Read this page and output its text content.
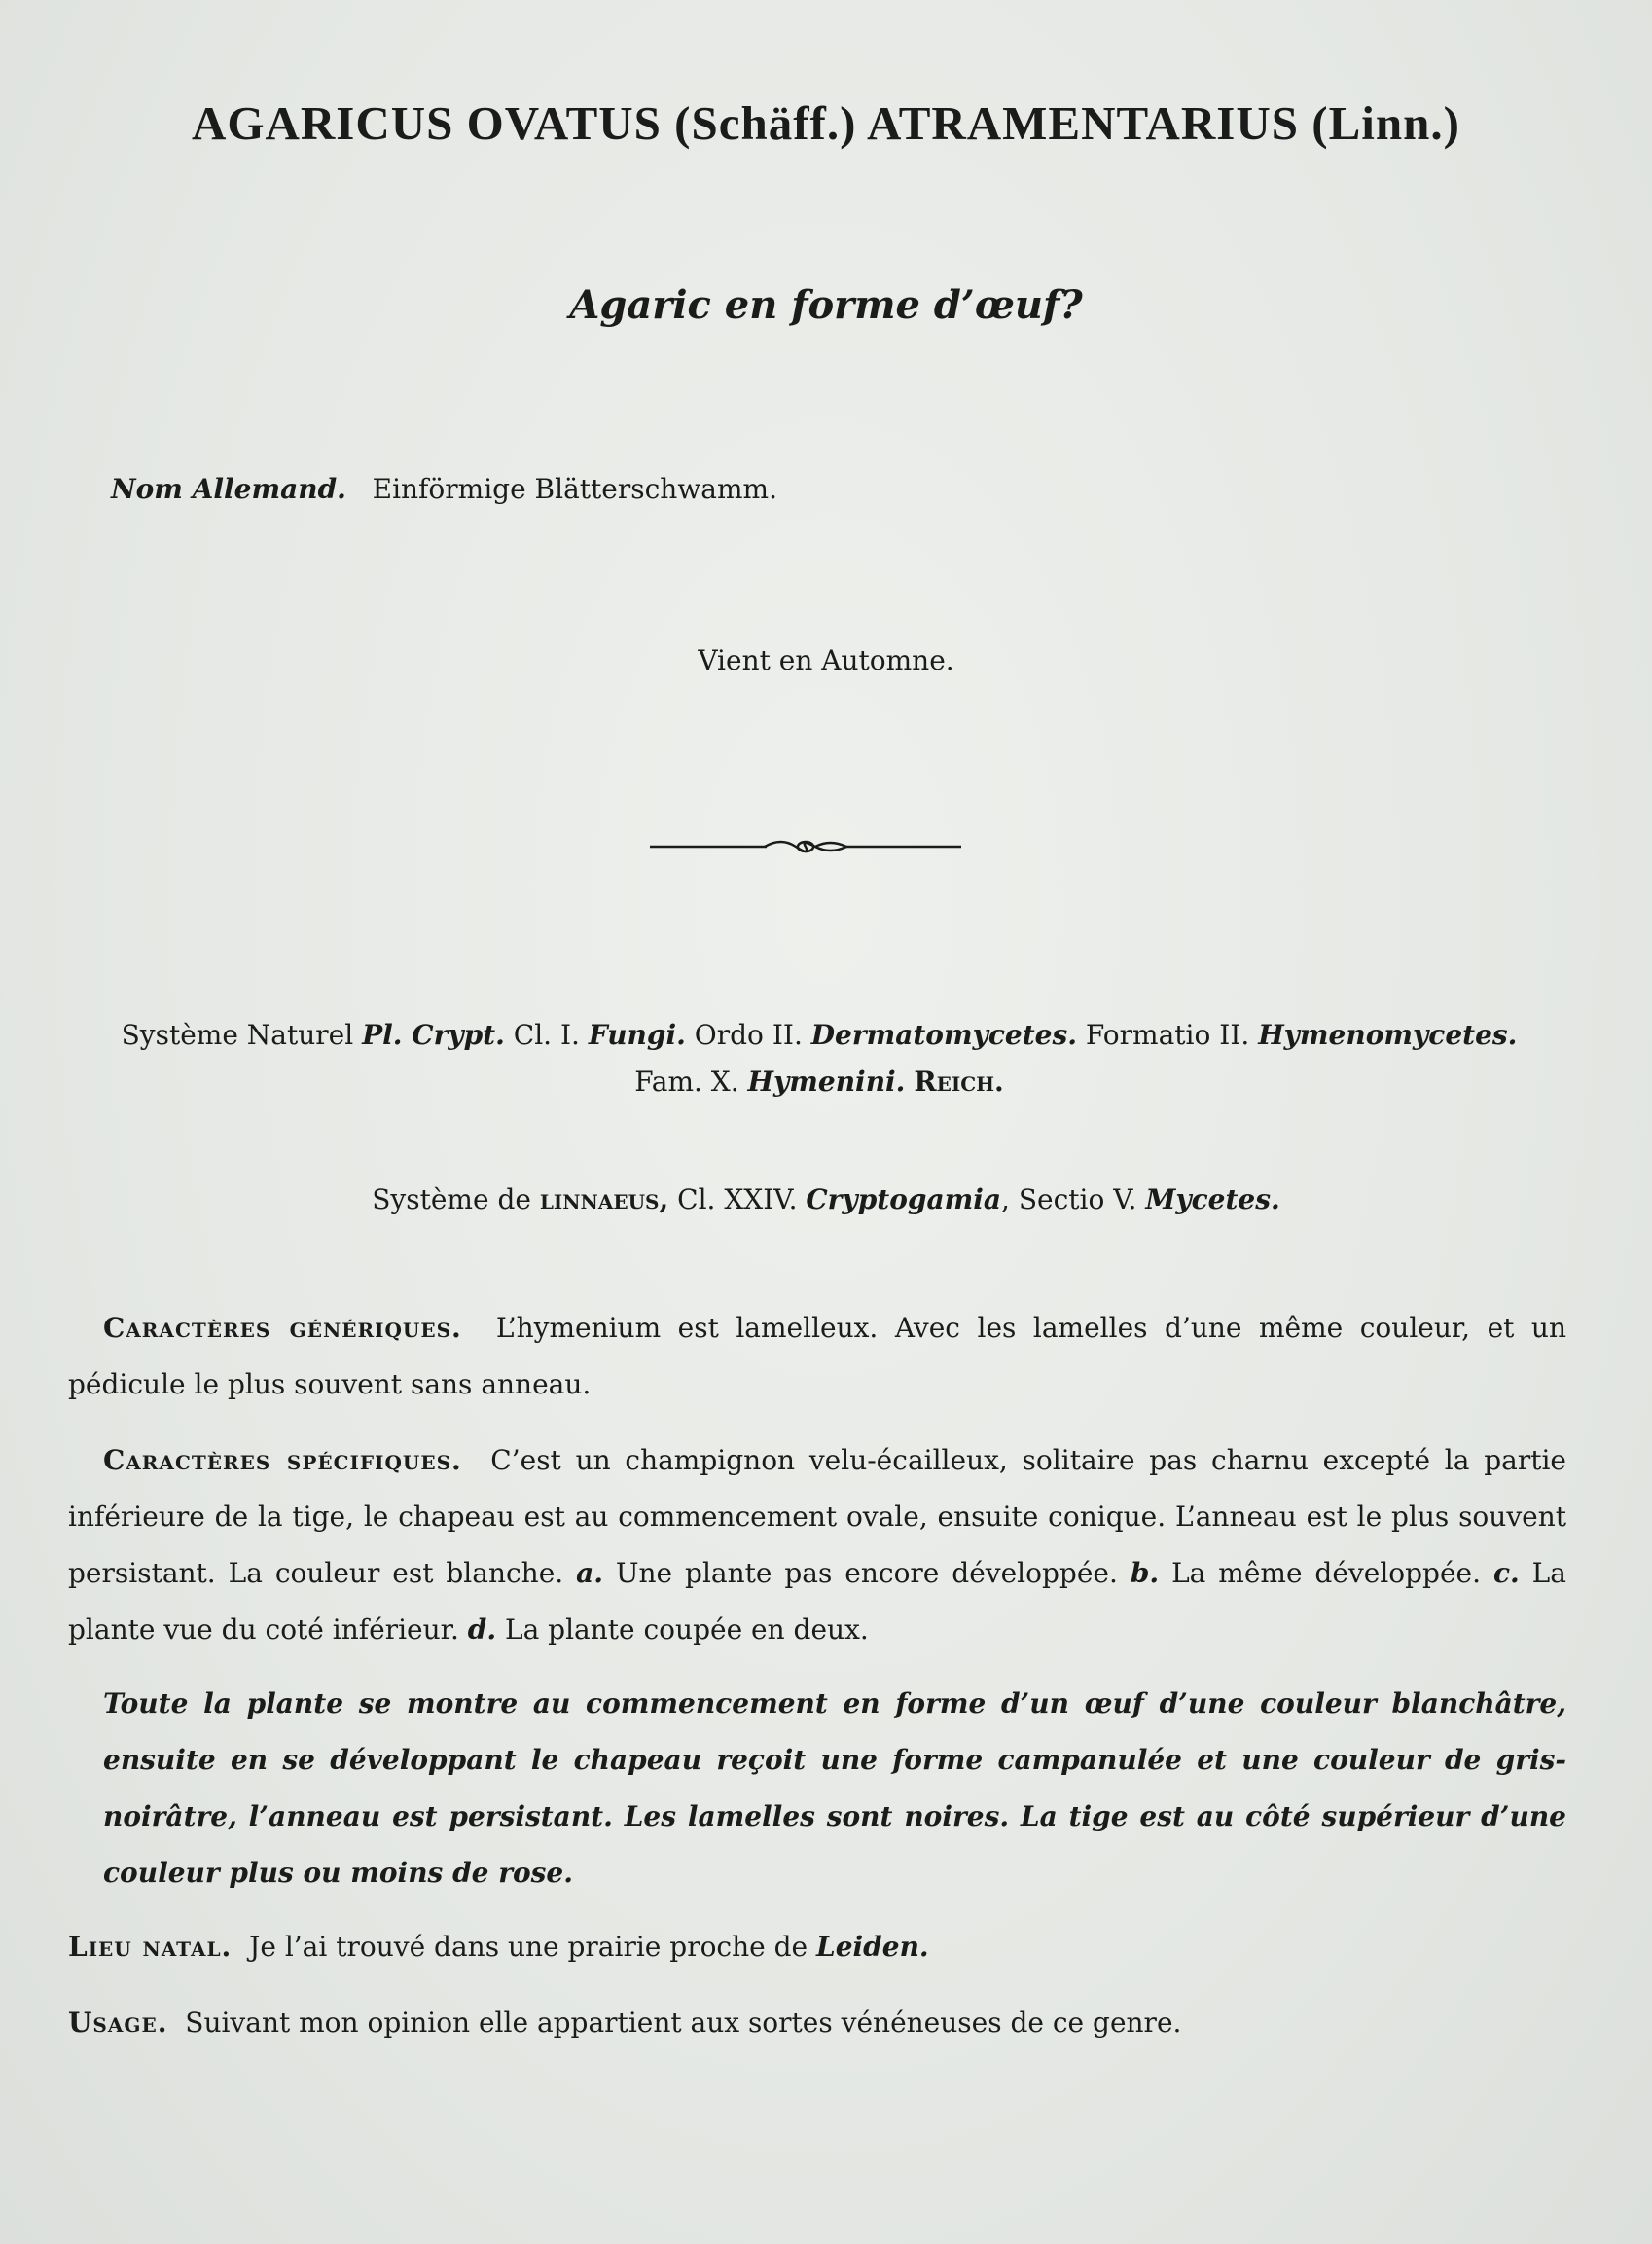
AGARICUS OVATUS (Schäff.) ATRAMENTARIUS (Linn.)
Agaric en forme d’œuf?
Nom Allemand. Einförmige Blätterschwamm.
Vient en Automne.
Système Naturel Pl. Crypt. Cl. I. Fungi. Ordo II. Dermatomycetes. Formatio II. Hymenomycetes.
Fam. X. Hymenini. Reich.
Système de linnaeus, Cl. XXIV. Cryptogamia, Sectio V. Mycetes.
Caractères génériques. L’hymenium est lamelleux. Avec les lamelles d’une même couleur, et un pédicule le plus souvent sans anneau.
Caractères spécifiques. C’est un champignon velu-écailleux, solitaire pas charnu excepté la partie inférieure de la tige, le chapeau est au commencement ovale, ensuite conique. L’anneau est le plus souvent persistant. La couleur est blanche. a. Une plante pas encore développée. b. La même développée. c. La plante vue du coté inférieur. d. La plante coupée en deux.
Toute la plante se montre au commencement en forme d’un œuf d’une couleur blanchâtre, ensuite en se développant le chapeau reçoit une forme campanulée et une couleur de gris-noirâtre, l’anneau est persistant. Les lamelles sont noires. La tige est au côté supérieur d’une couleur plus ou moins de rose.
Lieu natal. Je l’ai trouvé dans une prairie proche de Leiden.
Usage. Suivant mon opinion elle appartient aux sortes vénéneuses de ce genre.
